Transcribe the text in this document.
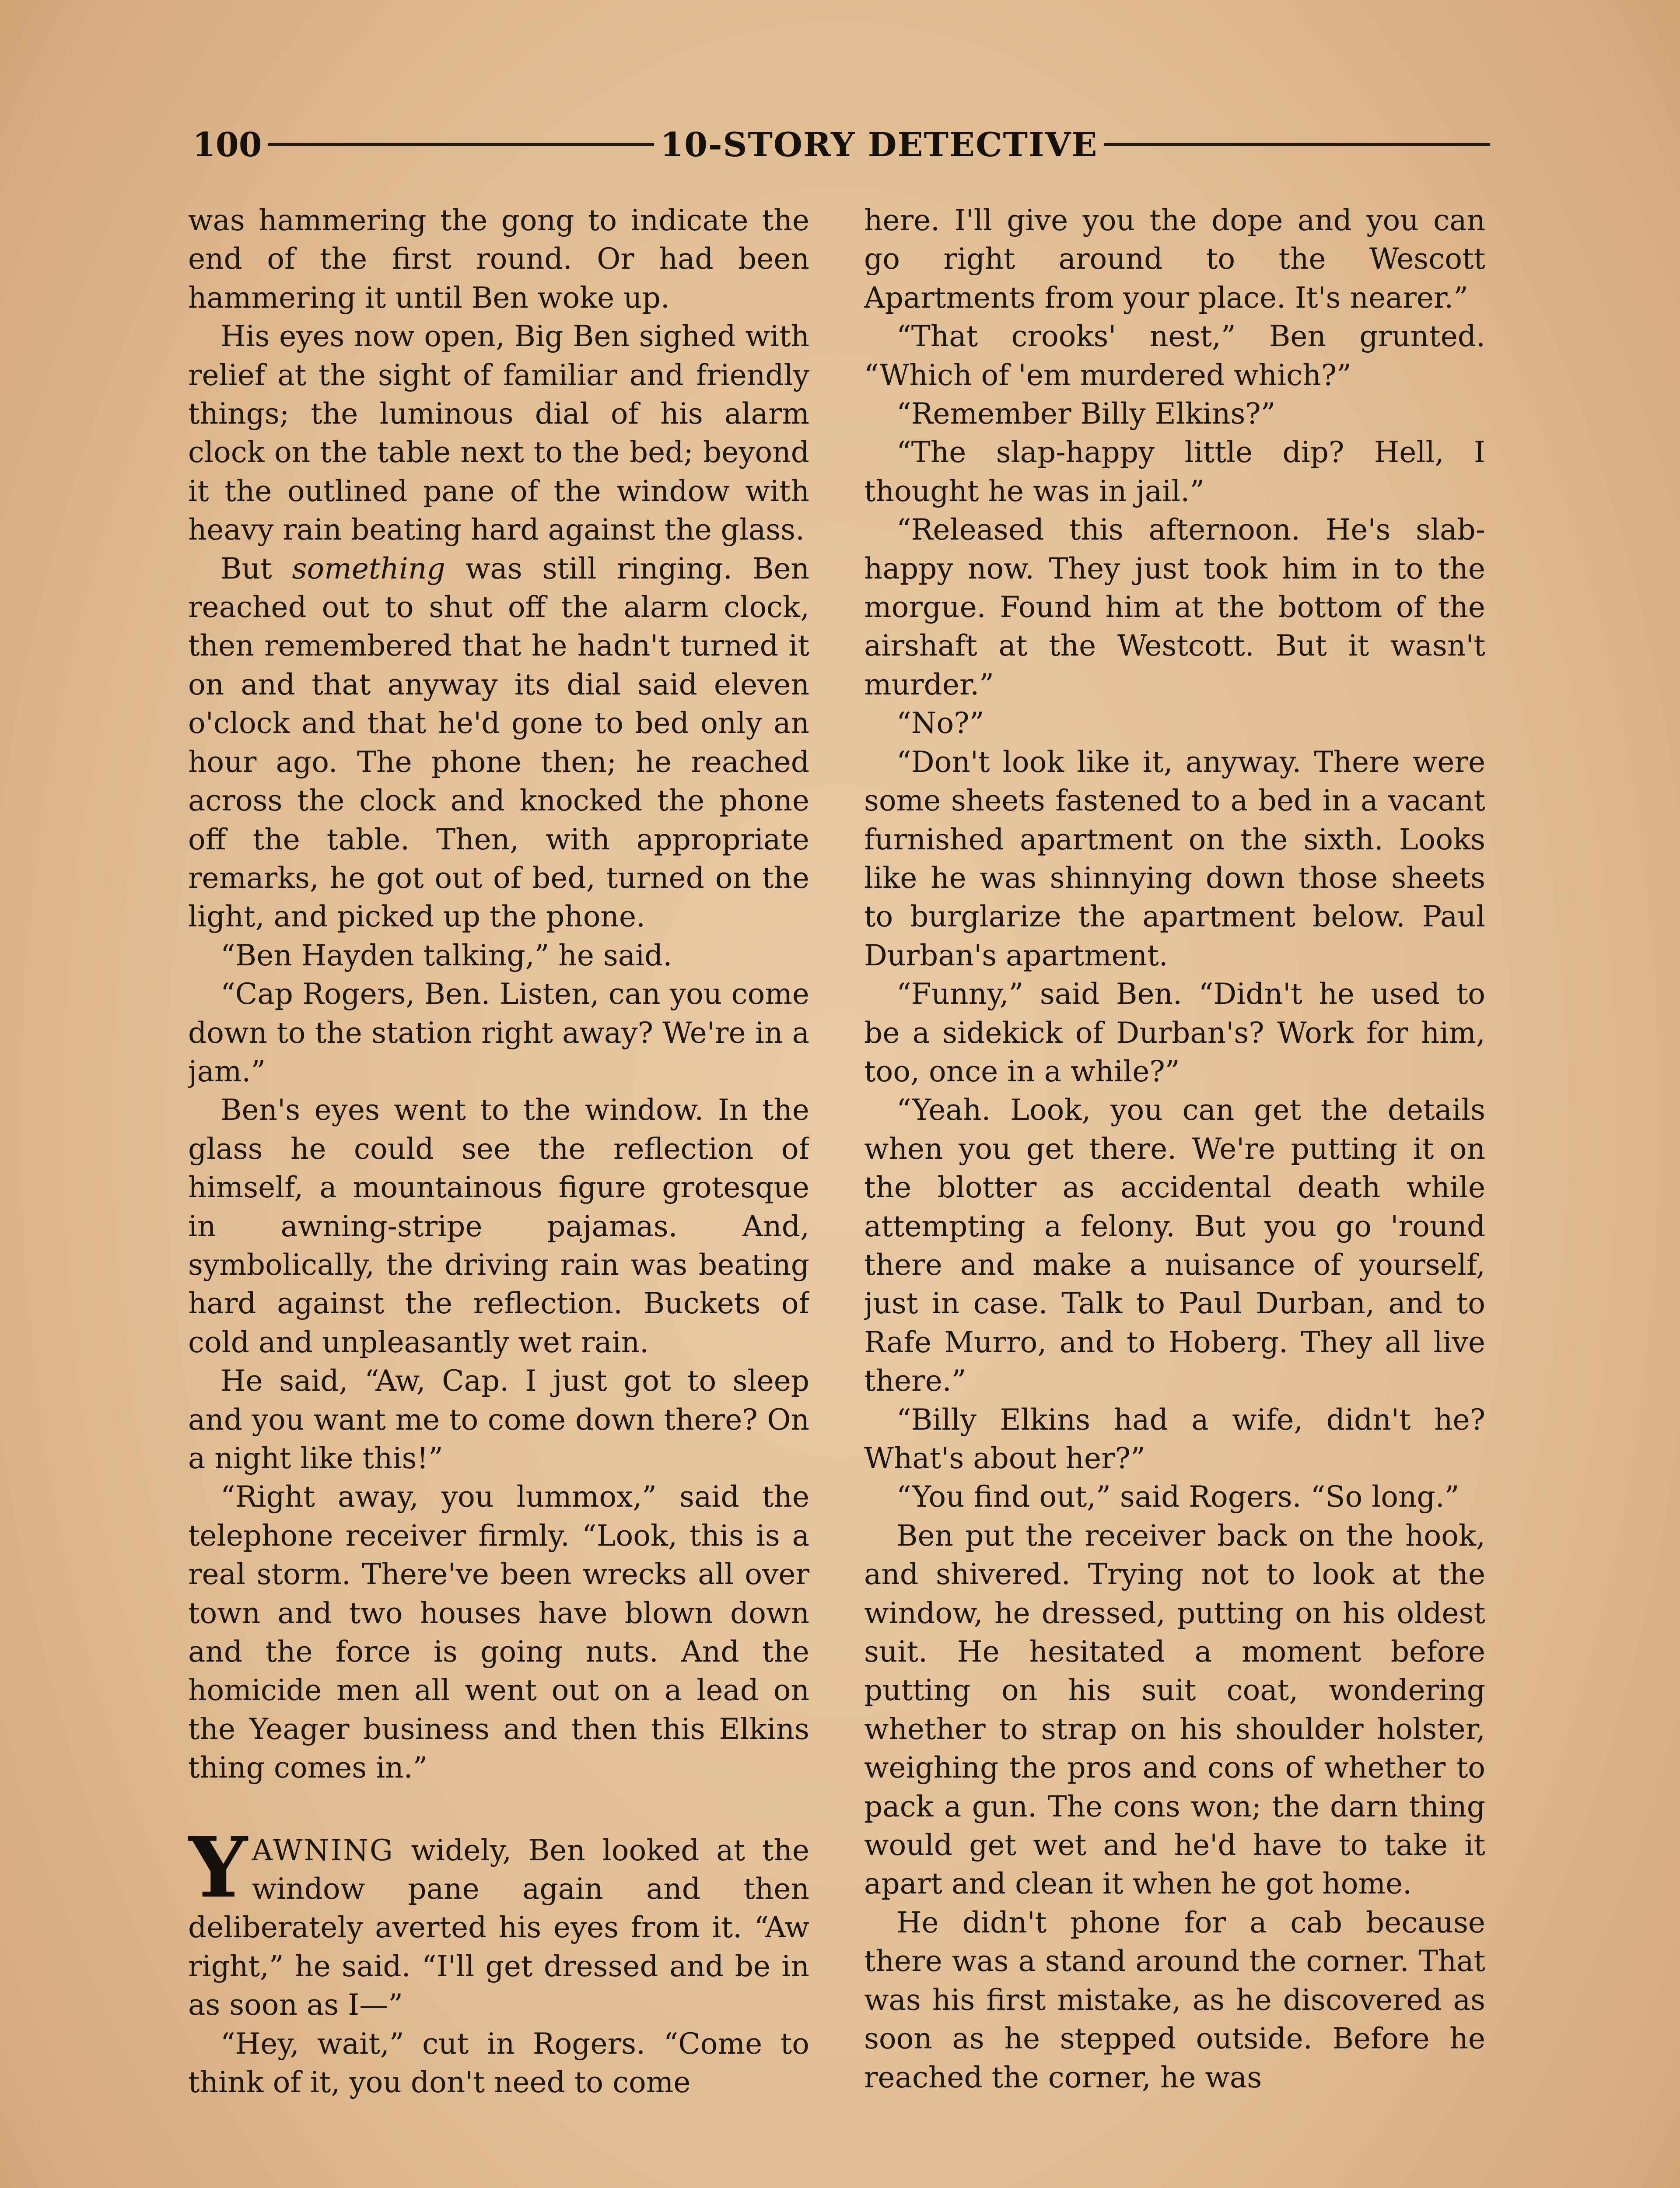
100	10-STORY DETECTIVE

was hammering the gong to indicate the end of the first round. Or had been hammering it until Ben woke up.

His eyes now open, Big Ben sighed with relief at the sight of familiar and friendly things; the luminous dial of his alarm clock on the table next to the bed; beyond it the outlined pane of the window with heavy rain beating hard against the glass.

But something was still ringing. Ben reached out to shut off the alarm clock, then remembered that he hadn't turned it on and that anyway its dial said eleven o'clock and that he'd gone to bed only an hour ago. The phone then; he reached across the clock and knocked the phone off the table. Then, with appropriate remarks, he got out of bed, turned on the light, and picked up the phone.

“Ben Hayden talking,” he said.

“Cap Rogers, Ben. Listen, can you come down to the station right away? We're in a jam.”

Ben's eyes went to the window. In the glass he could see the reflection of himself, a mountainous figure grotesque in awning-stripe pajamas. And, symbolically, the driving rain was beating hard against the reflection. Buckets of cold and unpleasantly wet rain.

He said, “Aw, Cap. I just got to sleep and you want me to come down there? On a night like this!”

“Right away, you lummox,” said the telephone receiver firmly. “Look, this is a real storm. There've been wrecks all over town and two houses have blown down and the force is going nuts. And the homicide men all went out on a lead on the Yeager business and then this Elkins thing comes in.”

YAWNING widely, Ben looked at the window pane again and then deliberately averted his eyes from it. “Aw right,” he said. “I'll get dressed and be in as soon as I—”

“Hey, wait,” cut in Rogers. “Come to think of it, you don't need to come

here. I'll give you the dope and you can go right around to the Wescott Apartments from your place. It's nearer.”

“That crooks' nest,” Ben grunted. “Which of 'em murdered which?”

“Remember Billy Elkins?”

“The slap-happy little dip? Hell, I thought he was in jail.”

“Released this afternoon. He's slab-happy now. They just took him in to the morgue. Found him at the bottom of the airshaft at the Westcott. But it wasn't murder.”

“No?”

“Don't look like it, anyway. There were some sheets fastened to a bed in a vacant furnished apartment on the sixth. Looks like he was shinnying down those sheets to burglarize the apartment below. Paul Durban's apartment.

“Funny,” said Ben. “Didn't he used to be a sidekick of Durban's? Work for him, too, once in a while?”

“Yeah. Look, you can get the details when you get there. We're putting it on the blotter as accidental death while attempting a felony. But you go 'round there and make a nuisance of yourself, just in case. Talk to Paul Durban, and to Rafe Murro, and to Hoberg. They all live there.”

“Billy Elkins had a wife, didn't he? What's about her?”

“You find out,” said Rogers. “So long.”

Ben put the receiver back on the hook, and shivered. Trying not to look at the window, he dressed, putting on his oldest suit. He hesitated a moment before putting on his suit coat, wondering whether to strap on his shoulder holster, weighing the pros and cons of whether to pack a gun. The cons won; the darn thing would get wet and he'd have to take it apart and clean it when he got home.

He didn't phone for a cab because there was a stand around the corner. That was his first mistake, as he discovered as soon as he stepped outside. Before he reached the corner, he was
